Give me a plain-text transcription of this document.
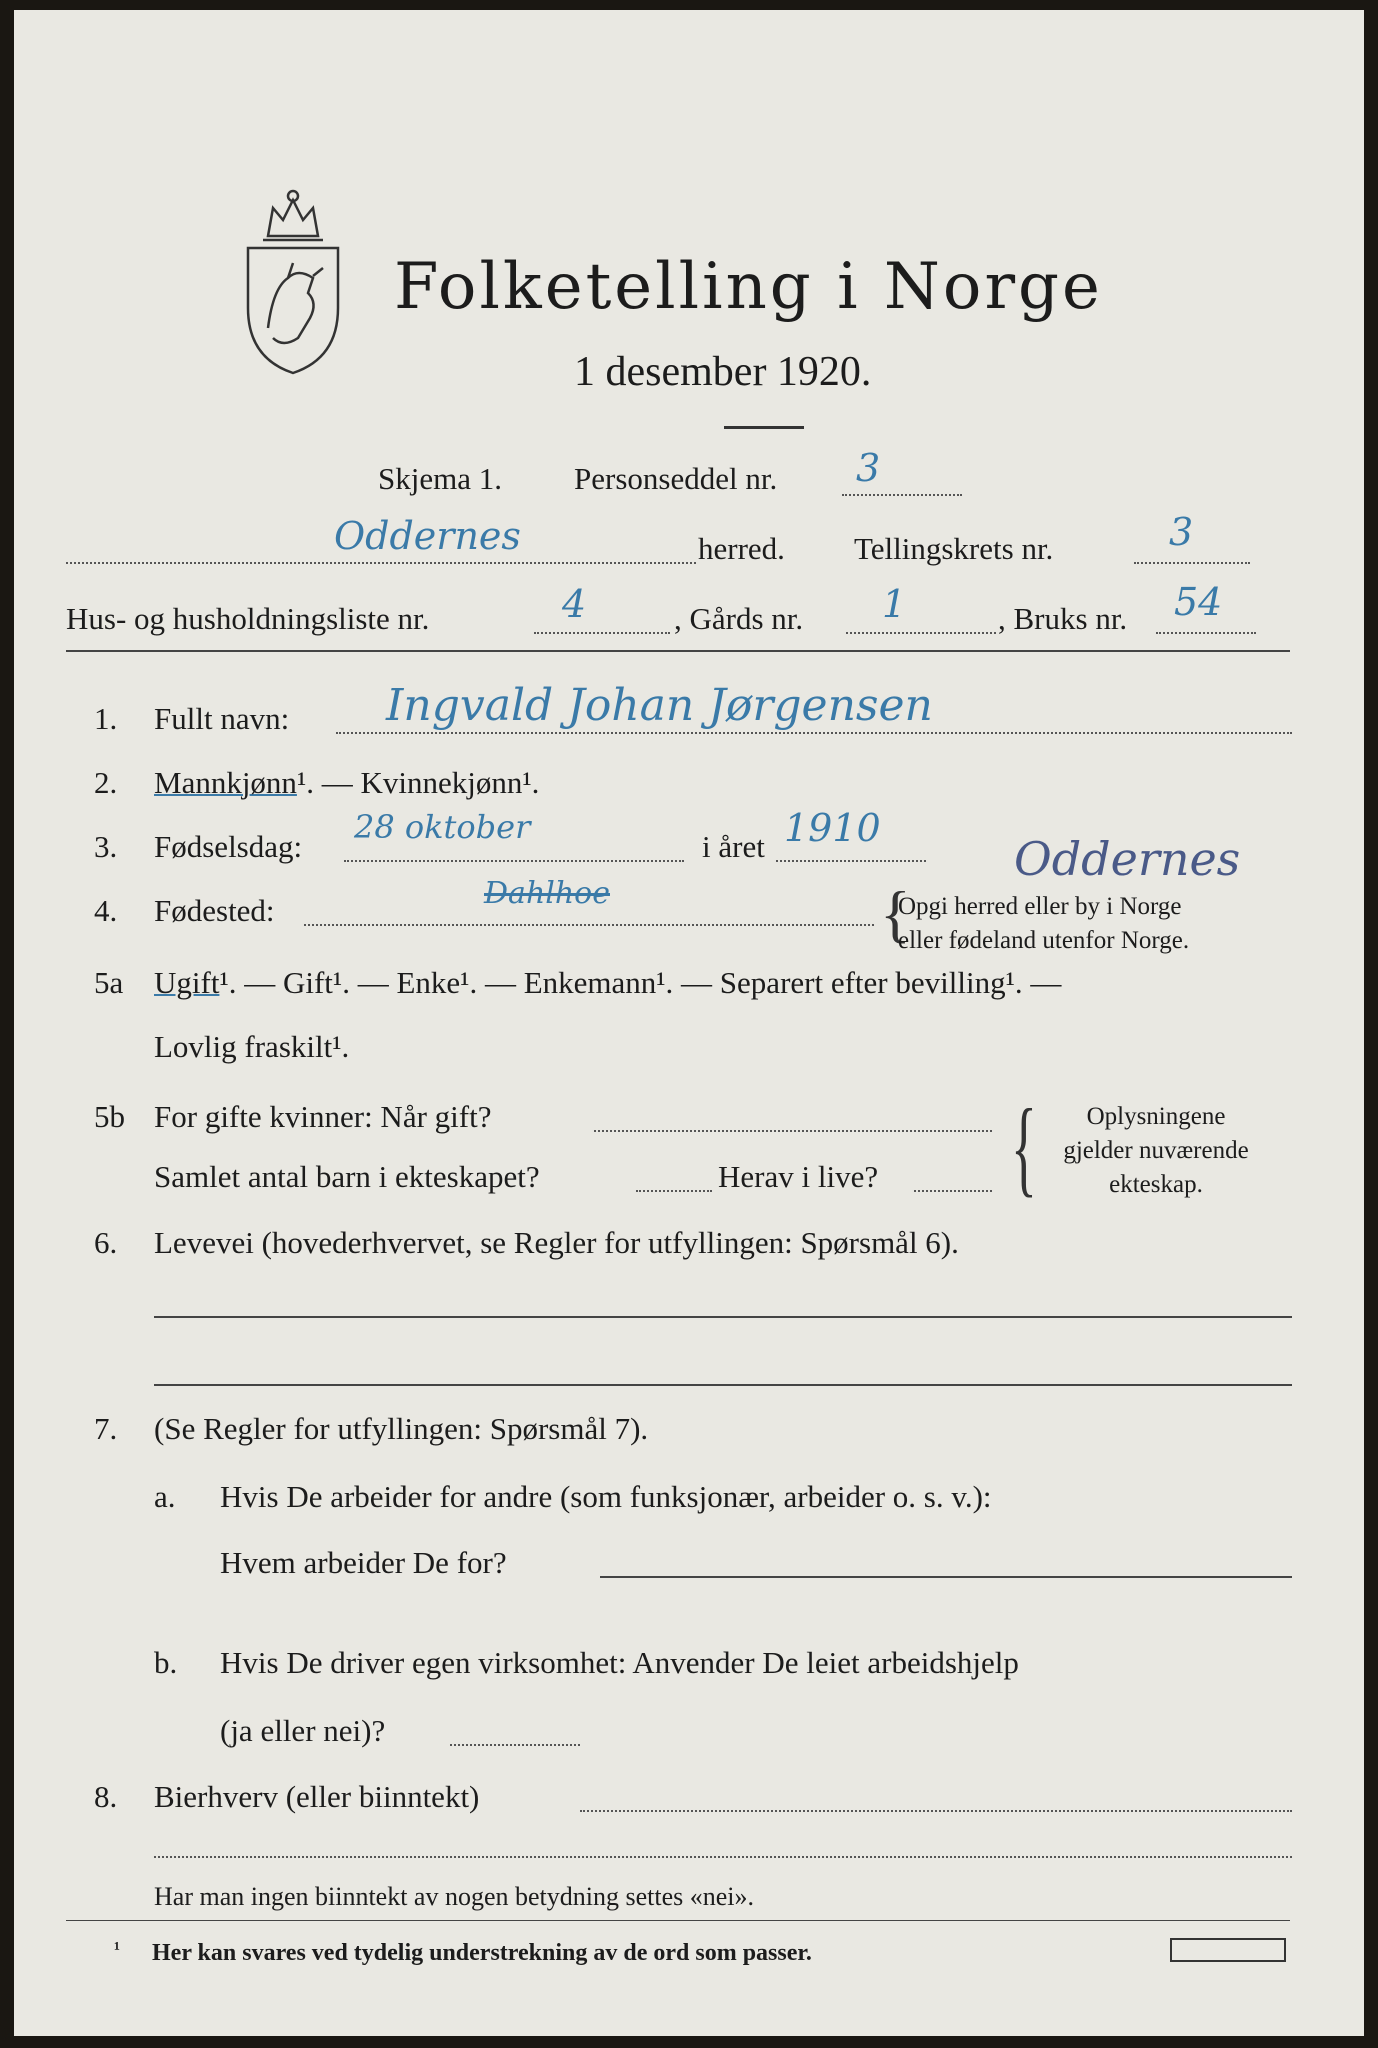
Folketelling i Norge
1 desember 1920.
Skjema 1. Personseddel nr. 3
Oddernes	herred. Tellingskrets nr.	3
Hus- og husholdningsliste nr.	4	, Gårds nr. 1	, Bruks nr. 54
1. Fullt navn: Ingvald Johan Jørgensen
2. Mannkjønn¹. — Kvinnekjønn¹.
3. Fødselsdag:
28 oktober
i året 1910
4. Fødested:	Dahlhoe
Oddernes
{
Opgi herred eller by i Norge
eller fødeland utenfor Norge.
5a Ugift¹. — Gift¹. — Enke¹. — Enkemann¹. — Separert efter bevilling¹. —
Lovlig fraskilt¹.
5b For gifte kvinner: Når gift?
Samlet antal barn i ekteskapet?	Herav i live? {	Oplysningene
gjelder nuværende
ekteskap.
6. Levevei (hovederhvervet, se Regler for utfyllingen: Spørsmål 6).
7. (Se Regler for utfyllingen: Spørsmål 7).
a. Hvis De arbeider for andre (som funksjonær, arbeider o. s. v.):
Hvem arbeider De for?
b. Hvis De driver egen virksomhet: Anvender De leiet arbeidshjelp
(ja eller nei)?
8. Bierhverv (eller biinntekt)
Har man ingen biinntekt av nogen betydning settes «nei».
¹ Her kan svares ved tydelig understrekning av de ord som passer.
